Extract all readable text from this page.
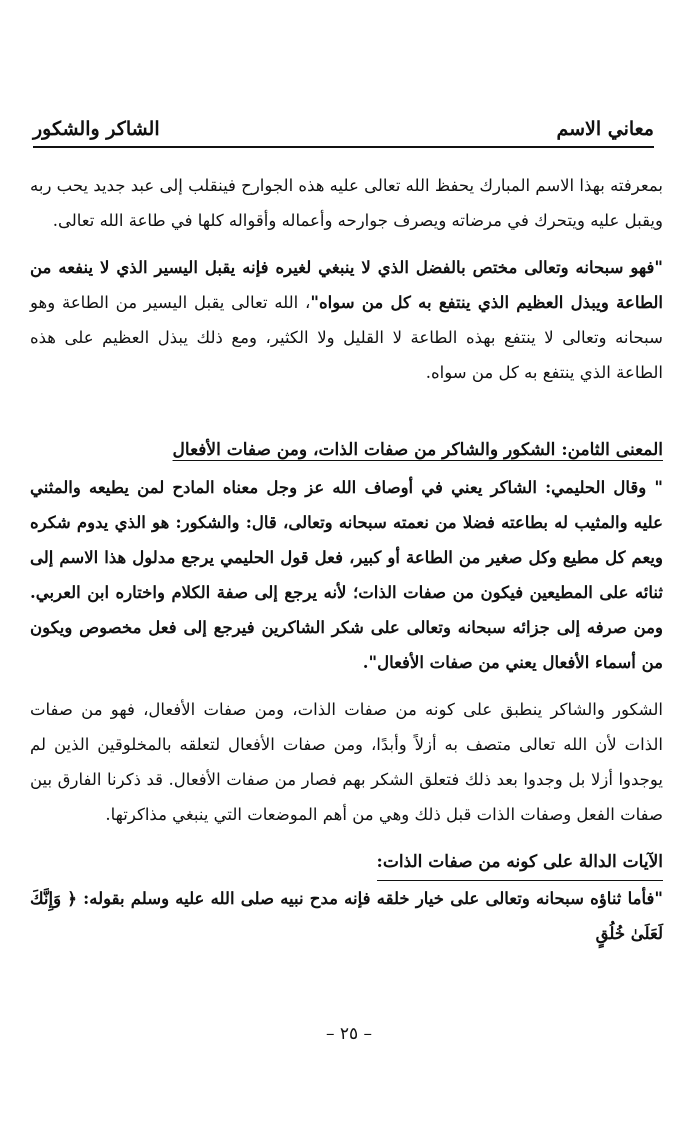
معاني الاسم
الشاكر والشكور

بمعرفته بهذا الاسم المبارك يحفظ الله تعالى عليه هذه الجوارح فينقلب إلى عبد جديد يحب ربه ويقبل عليه ويتحرك في مرضاته ويصرف جوارحه وأعماله وأقواله كلها في طاعة الله تعالى.

"فهو سبحانه وتعالى مختص بالفضل الذي لا ينبغي لغيره فإنه يقبل اليسير الذي لا ينفعه من الطاعة ويبذل العظيم الذي ينتفع به كل من سواه"، الله تعالى يقبل اليسير من الطاعة وهو سبحانه وتعالى لا ينتفع بهذه الطاعة لا القليل ولا الكثير، ومع ذلك يبذل العظيم على هذه الطاعة الذي ينتفع به كل من سواه.

المعنى الثامن: الشكور والشاكر من صفات الذات، ومن صفات الأفعال

" وقال الحليمي: الشاكر يعني في أوصاف الله عز وجل معناه المادح لمن يطيعه والمثني عليه والمثيب له بطاعته فضلا من نعمته سبحانه وتعالى، قال: والشكور: هو الذي يدوم شكره ويعم كل مطيع وكل صغير من الطاعة أو كبير، فعل قول الحليمي يرجع مدلول هذا الاسم إلى ثنائه على المطيعين فيكون من صفات الذات؛ لأنه يرجع إلى صفة الكلام واختاره ابن العربي. ومن صرفه إلى جزائه سبحانه وتعالى على شكر الشاكرين فيرجع إلى فعل مخصوص ويكون من أسماء الأفعال يعني من صفات الأفعال".

الشكور والشاكر ينطبق على كونه من صفات الذات، ومن صفات الأفعال، فهو من صفات الذات لأن الله تعالى متصف به أزلاً وأبدًا، ومن صفات الأفعال لتعلقه بالمخلوقين الذين لم يوجدوا أزلا بل وجدوا بعد ذلك فتعلق الشكر بهم فصار من صفات الأفعال. قد ذكرنا الفارق بين صفات الفعل وصفات الذات قبل ذلك وهي من أهم الموضعات التي ينبغي مذاكرتها.

الآيات الدالة على كونه من صفات الذات:

"فأما ثناؤه سبحانه وتعالى على خيار خلقه فإنه مدح نبيه صلى الله عليه وسلم بقوله: ﴿ وَإِنَّكَ لَعَلَىٰ خُلُقٍ

– ٢٥ –
